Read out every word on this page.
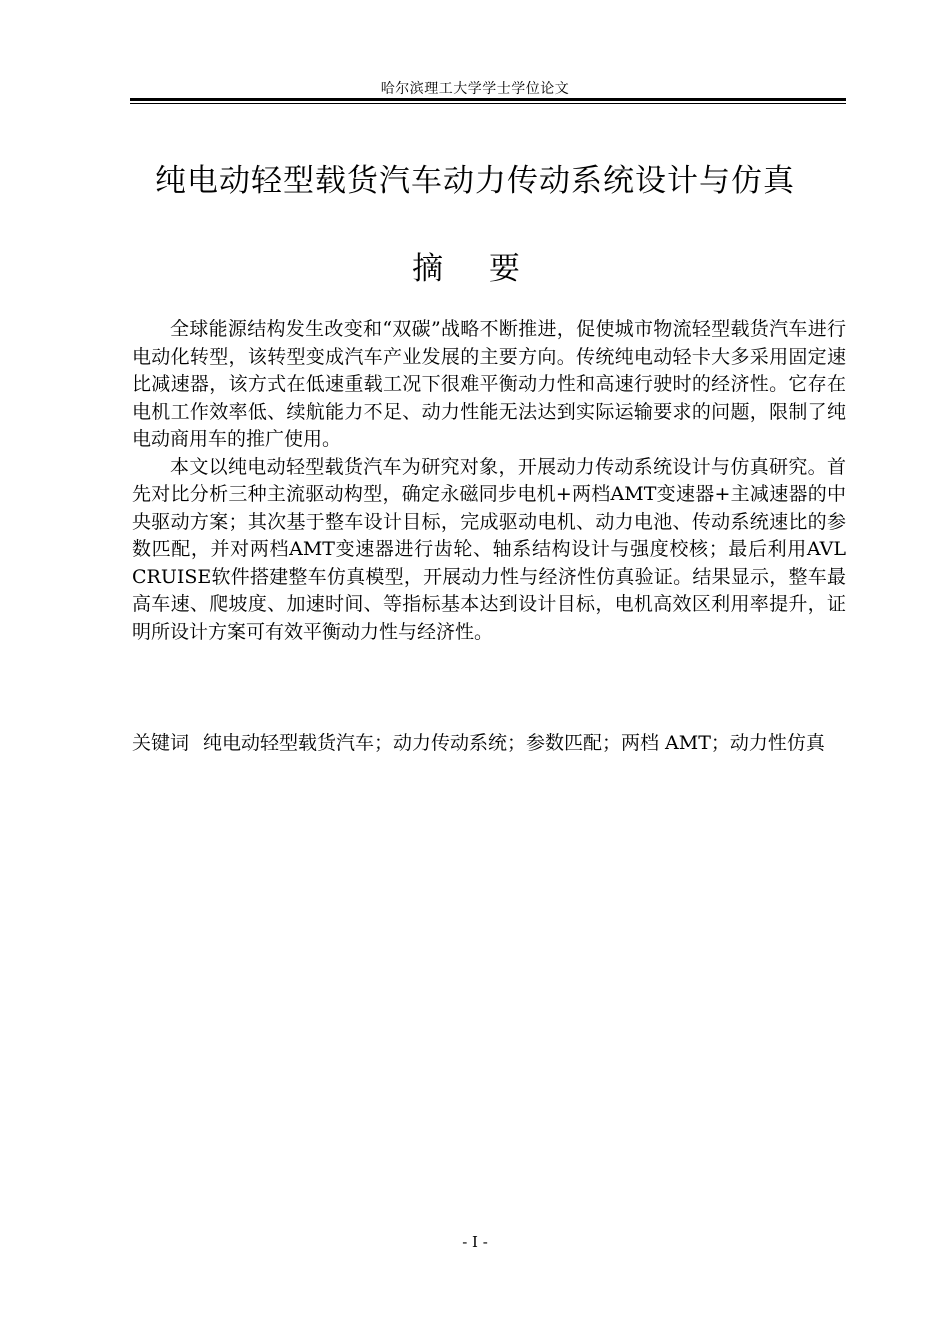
哈尔滨理工大学学士学位论文
纯电动轻型载货汽车动力传动系统设计与仿真
摘 要

全球能源结构发生改变和“双碳”战略不断推进，促使城市物流轻型载货汽车进行电动化转型，该转型变成汽车产业发展的主要方向。传统纯电动轻卡大多采用固定速比减速器，该方式在低速重载工况下很难平衡动力性和高速行驶时的经济性。它存在电机工作效率低、续航能力不足、动力性能无法达到实际运输要求的问题，限制了纯电动商用车的推广使用。

本文以纯电动轻型载货汽车为研究对象，开展动力传动系统设计与仿真研究。首先对比分析三种主流驱动构型，确定永磁同步电机+两档AMT变速器+主减速器的中央驱动方案；其次基于整车设计目标，完成驱动电机、动力电池、传动系统速比的参数匹配，并对两档AMT变速器进行齿轮、轴系结构设计与强度校核；最后利用AVL CRUISE软件搭建整车仿真模型，开展动力性与经济性仿真验证。结果显示，整车最高车速、爬坡度、加速时间、等指标基本达到设计目标，电机高效区利用率提升，证明所设计方案可有效平衡动力性与经济性。

关键词 纯电动轻型载货汽车；动力传动系统；参数匹配；两档 AMT；动力性仿真
- I -
